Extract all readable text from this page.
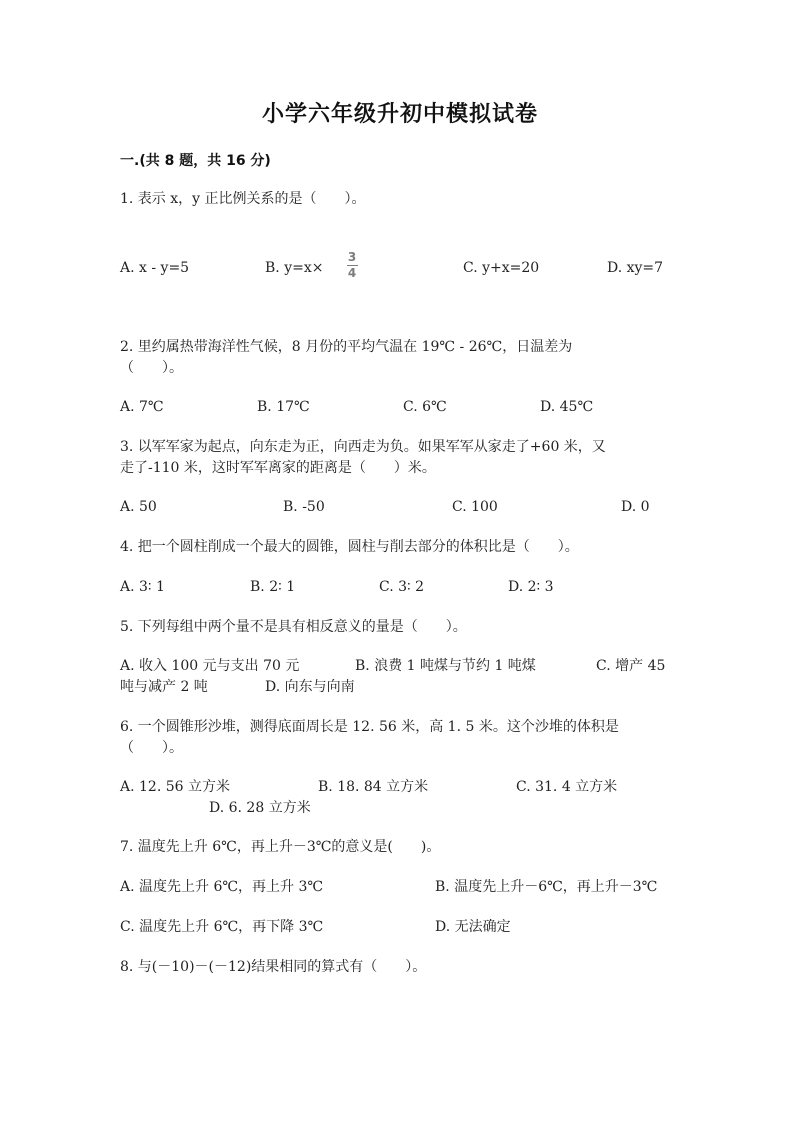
小学六年级升初中模拟试卷
一.(共 8 题，共 16 分)
1. 表示 x，y 正比例关系的是（　　）。
A. x - y=5	B. y=x×
3
4	C. y+x=20	D. xy=7
2. 里约属热带海洋性气候，8 月份的平均气温在 19℃ - 26℃，日温差为
（　　）。
A. 7℃	B. 17℃	C. 6℃	D. 45℃
3. 以军军家为起点，向东走为正，向西走为负。如果军军从家走了+60 米，又
走了-110 米，这时军军离家的距离是（　　）米。
A. 50	B. -50	C. 100	D. 0
4. 把一个圆柱削成一个最大的圆锥，圆柱与削去部分的体积比是（　　）。
A. 3∶ 1	B. 2∶ 1	C. 3∶ 2	D. 2∶ 3
5. 下列每组中两个量不是具有相反意义的量是（　　）。
A. 收入 100 元与支出 70 元	B. 浪费 1 吨煤与节约 1 吨煤	C. 增产 45
吨与减产 2 吨	D. 向东与向南
6. 一个圆锥形沙堆，测得底面周长是 12. 56 米，高 1. 5 米。这个沙堆的体积是
（　　）。
A. 12. 56 立方米	B. 18. 84 立方米	C. 31. 4 立方米
D. 6. 28 立方米
7. 温度先上升 6℃，再上升－3℃的意义是(　　)。
A. 温度先上升 6℃，再上升 3℃	B. 温度先上升－6℃，再上升－3℃
C. 温度先上升 6℃，再下降 3℃	D. 无法确定
8. 与(－10)－(－12)结果相同的算式有（　　）。
